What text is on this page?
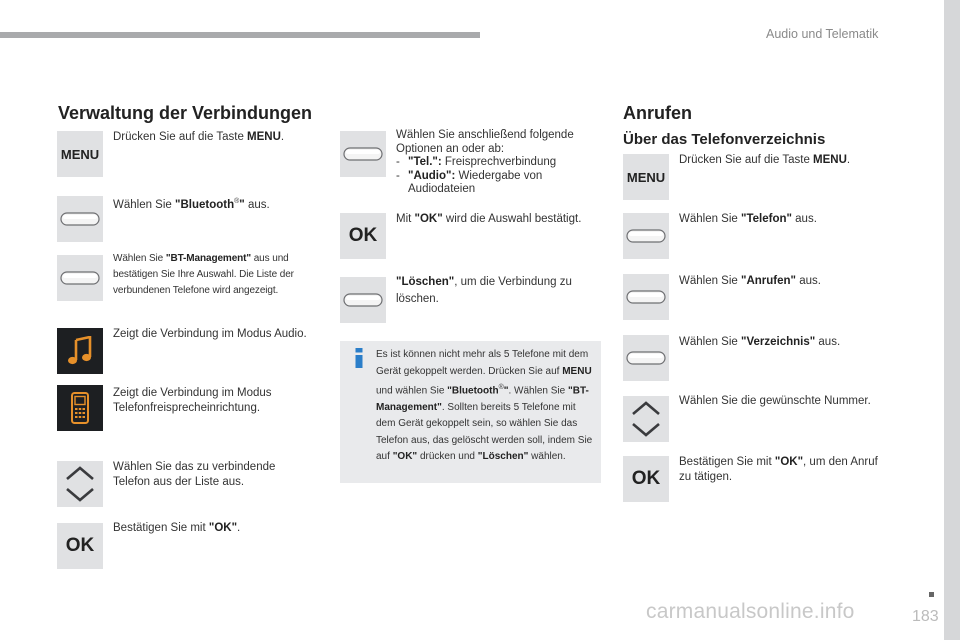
Audio und Telematik
Verwaltung der Verbindungen
MENU
Drücken Sie auf die Taste MENU.
Wählen Sie "Bluetooth®" aus.
Wählen Sie "BT-Management" aus und bestätigen Sie Ihre Auswahl. Die Liste der verbundenen Telefone wird angezeigt.
Zeigt die Verbindung im Modus Audio.
Zeigt die Verbindung im Modus Telefonfreisprecheinrichtung.
Wählen Sie das zu verbindende Telefon aus der Liste aus.
OK
Bestätigen Sie mit "OK".
Wählen Sie anschließend folgende Optionen an oder ab:
- "Tel.": Freisprechverbindung
- "Audio": Wiedergabe von Audiodateien
OK
Mit "OK" wird die Auswahl bestätigt.
"Löschen", um die Verbindung zu löschen.
Es ist können nicht mehr als 5 Telefone mit dem Gerät gekoppelt werden. Drücken Sie auf MENU und wählen Sie "Bluetooth®". Wählen Sie "BT-Management". Sollten bereits 5 Telefone mit dem Gerät gekoppelt sein, so wählen Sie das Telefon aus, das gelöscht werden soll, indem Sie auf "OK" drücken und "Löschen" wählen.
Anrufen
Über das Telefonverzeichnis
MENU
Drücken Sie auf die Taste MENU.
Wählen Sie "Telefon" aus.
Wählen Sie "Anrufen" aus.
Wählen Sie "Verzeichnis" aus.
Wählen Sie die gewünschte Nummer.
OK
Bestätigen Sie mit "OK", um den Anruf zu tätigen.
183
carmanualsonline.info
